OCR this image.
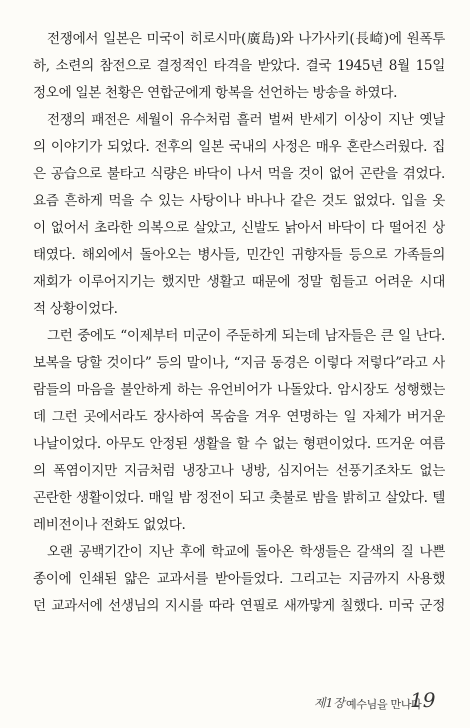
전쟁에서 일본은 미국이 히로시마(廣島)와 나가사키(長崎)에 원폭투
하, 소련의 참전으로 결정적인 타격을 받았다. 결국 1945년 8월 15일
정오에 일본 천황은 연합군에게 항복을 선언하는 방송을 하였다.
전쟁의 패전은 세월이 유수처럼 흘러 벌써 반세기 이상이 지난 옛날
의 이야기가 되었다. 전후의 일본 국내의 사정은 매우 혼란스러웠다. 집
은 공습으로 불타고 식량은 바닥이 나서 먹을 것이 없어 곤란을 겪었다.
요즘 흔하게 먹을 수 있는 사탕이나 바나나 같은 것도 없었다. 입을 옷
이 없어서 초라한 의복으로 살았고, 신발도 낡아서 바닥이 다 떨어진 상
태였다. 해외에서 돌아오는 병사들, 민간인 귀향자들 등으로 가족들의
재회가 이루어지기는 했지만 생활고 때문에 정말 힘들고 어려운 시대
적 상황이었다.
그런 중에도 “이제부터 미군이 주둔하게 되는데 남자들은 큰 일 난다.
보복을 당할 것이다” 등의 말이나, “지금 동경은 이렇다 저렇다”라고 사
람들의 마음을 불안하게 하는 유언비어가 나돌았다. 암시장도 성행했는
데 그런 곳에서라도 장사하여 목숨을 겨우 연명하는 일 자체가 버거운
나날이었다. 아무도 안정된 생활을 할 수 없는 형편이었다. 뜨거운 여름
의 폭염이지만 지금처럼 냉장고나 냉방, 심지어는 선풍기조차도 없는
곤란한 생활이었다. 매일 밤 정전이 되고 촛불로 밤을 밝히고 살았다. 텔
레비전이나 전화도 없었다.
오랜 공백기간이 지난 후에 학교에 돌아온 학생들은 갈색의 질 나쁜
종이에 인쇄된 얇은 교과서를 받아들었다. 그리고는 지금까지 사용했
던 교과서에 선생님의 지시를 따라 연필로 새까맣게 칠했다. 미국 군정
제1장 예수님을 만나다
19
